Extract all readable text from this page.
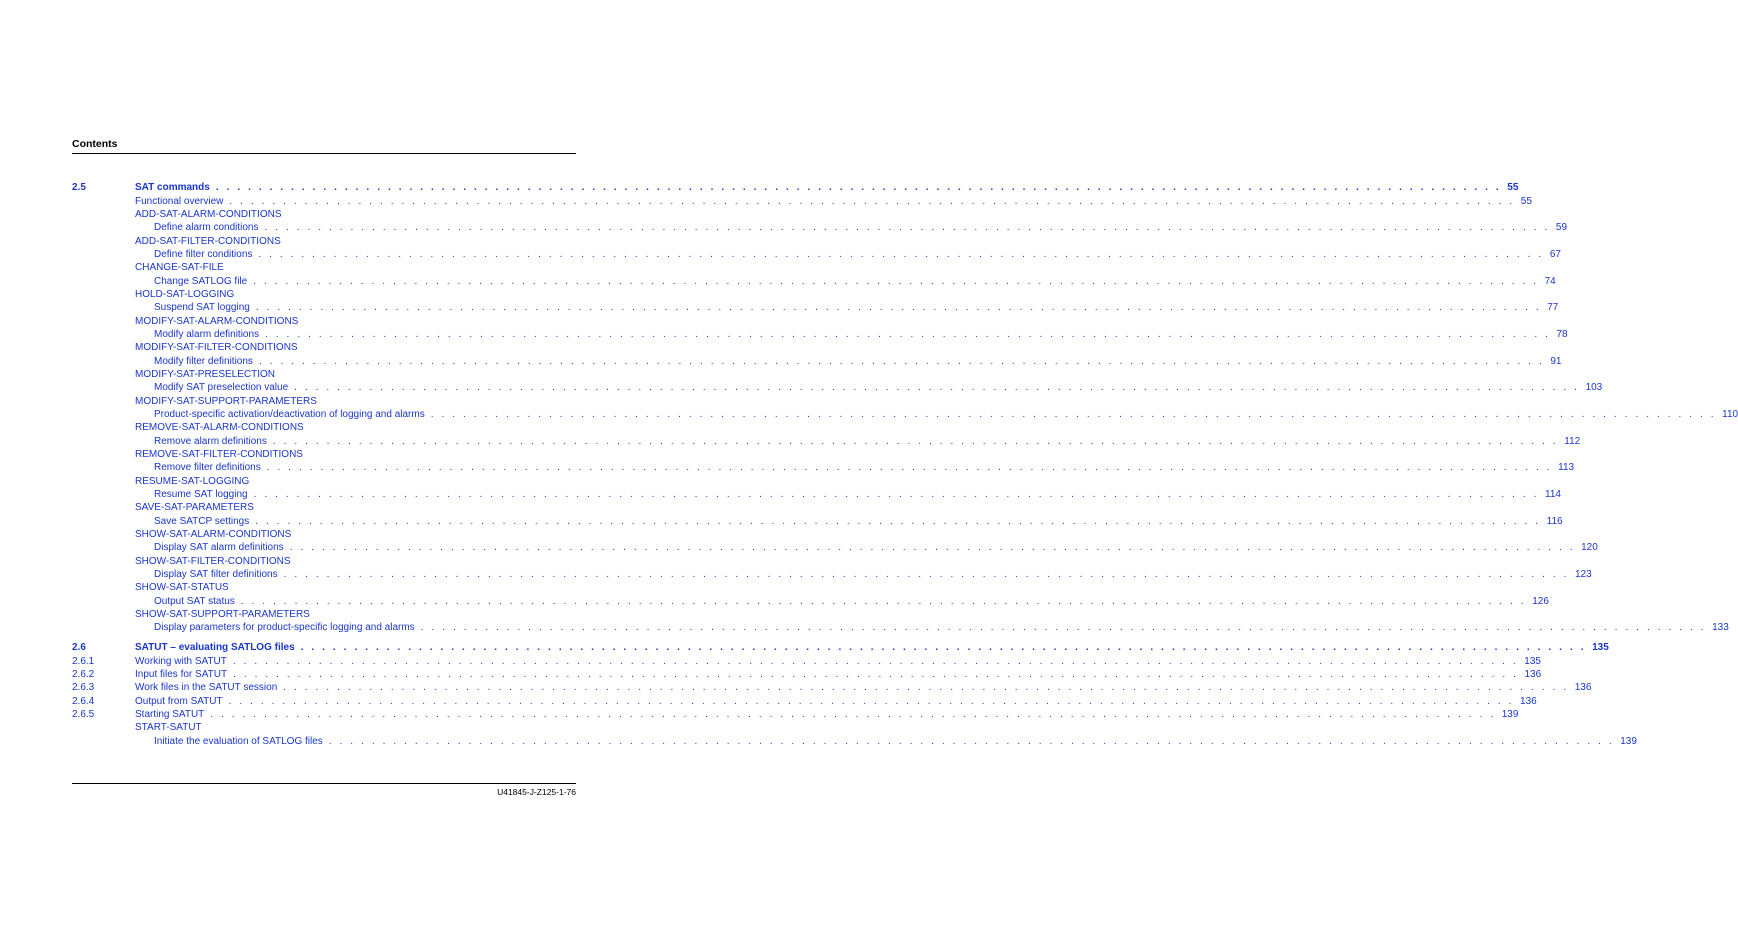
Contents
2.5	SAT commands . . . . . . . . . . . . . . . . . . . . . . . . . . . . . . . . . . . . . . . . . . . . . . . . . . . . . . . . . . . . . . . . . . . . . . . . . . . . . . . . . . . . . . . . . . . . . . . . . . . . . . . . . . . . . . . . . . . . . . . . 55
Functional overview . . . . . . . . . . . . . . . . . . . . . . . . . . . . . . . . . . . . . . . . . . . . . . . . . . . . . . . . . . . . . . . . . . . . . . . . . . . . . . . . . . . . . . . . . . . . . . . . . . . . . . . . . . . . . . . . . . . . . . . . 55
ADD-SAT-ALARM-CONDITIONS
Define alarm conditions . . . . . . . . . . . . . . . . . . . . . . . . . . . . . . . . . . . . . . . . . . . . . . . . . . . . . . . . . . . . . . . . . . . . . . . . . . . . . . . . . . . . . . . . . . . . . . . . . . . . . . . . . . . . . . . . . . . . . . . . 59
ADD-SAT-FILTER-CONDITIONS
Define filter conditions . . . . . . . . . . . . . . . . . . . . . . . . . . . . . . . . . . . . . . . . . . . . . . . . . . . . . . . . . . . . . . . . . . . . . . . . . . . . . . . . . . . . . . . . . . . . . . . . . . . . . . . . . . . . . . . . . . . . . . . . 67
CHANGE-SAT-FILE
Change SATLOG file . . . . . . . . . . . . . . . . . . . . . . . . . . . . . . . . . . . . . . . . . . . . . . . . . . . . . . . . . . . . . . . . . . . . . . . . . . . . . . . . . . . . . . . . . . . . . . . . . . . . . . . . . . . . . . . . . . . . . . . . 74
HOLD-SAT-LOGGING
Suspend SAT logging . . . . . . . . . . . . . . . . . . . . . . . . . . . . . . . . . . . . . . . . . . . . . . . . . . . . . . . . . . . . . . . . . . . . . . . . . . . . . . . . . . . . . . . . . . . . . . . . . . . . . . . . . . . . . . . . . . . . . . . . 77
MODIFY-SAT-ALARM-CONDITIONS
Modify alarm definitions . . . . . . . . . . . . . . . . . . . . . . . . . . . . . . . . . . . . . . . . . . . . . . . . . . . . . . . . . . . . . . . . . . . . . . . . . . . . . . . . . . . . . . . . . . . . . . . . . . . . . . . . . . . . . . . . . . . . . . . . 78
MODIFY-SAT-FILTER-CONDITIONS
Modify filter definitions . . . . . . . . . . . . . . . . . . . . . . . . . . . . . . . . . . . . . . . . . . . . . . . . . . . . . . . . . . . . . . . . . . . . . . . . . . . . . . . . . . . . . . . . . . . . . . . . . . . . . . . . . . . . . . . . . . . . . . . . 91
MODIFY-SAT-PRESELECTION
Modify SAT preselection value . . . . . . . . . . . . . . . . . . . . . . . . . . . . . . . . . . . . . . . . . . . . . . . . . . . . . . . . . . . . . . . . . . . . . . . . . . . . . . . . . . . . . . . . . . . . . . . . . . . . . . . . . . . . . . . . . . . . . . . . 103
MODIFY-SAT-SUPPORT-PARAMETERS
Product-specific activation/deactivation of logging and alarms . . . . . . . . . . . . . . . . . . . . . . . . . . . . . . . . . . . . . . . . . . . . . . . . . . . . . . . . . . . . . . . . . . . . . . . . . . . . . . . . . . . . . . . . . . . . . . . . . . . . . . . . . . . . . . . . . . . . . . . . 110
REMOVE-SAT-ALARM-CONDITIONS
Remove alarm definitions . . . . . . . . . . . . . . . . . . . . . . . . . . . . . . . . . . . . . . . . . . . . . . . . . . . . . . . . . . . . . . . . . . . . . . . . . . . . . . . . . . . . . . . . . . . . . . . . . . . . . . . . . . . . . . . . . . . . . . . . 112
REMOVE-SAT-FILTER-CONDITIONS
Remove filter definitions . . . . . . . . . . . . . . . . . . . . . . . . . . . . . . . . . . . . . . . . . . . . . . . . . . . . . . . . . . . . . . . . . . . . . . . . . . . . . . . . . . . . . . . . . . . . . . . . . . . . . . . . . . . . . . . . . . . . . . . . 113
RESUME-SAT-LOGGING
Resume SAT logging . . . . . . . . . . . . . . . . . . . . . . . . . . . . . . . . . . . . . . . . . . . . . . . . . . . . . . . . . . . . . . . . . . . . . . . . . . . . . . . . . . . . . . . . . . . . . . . . . . . . . . . . . . . . . . . . . . . . . . . . 114
SAVE-SAT-PARAMETERS
Save SATCP settings . . . . . . . . . . . . . . . . . . . . . . . . . . . . . . . . . . . . . . . . . . . . . . . . . . . . . . . . . . . . . . . . . . . . . . . . . . . . . . . . . . . . . . . . . . . . . . . . . . . . . . . . . . . . . . . . . . . . . . . . 116
SHOW-SAT-ALARM-CONDITIONS
Display SAT alarm definitions . . . . . . . . . . . . . . . . . . . . . . . . . . . . . . . . . . . . . . . . . . . . . . . . . . . . . . . . . . . . . . . . . . . . . . . . . . . . . . . . . . . . . . . . . . . . . . . . . . . . . . . . . . . . . . . . . . . . . . . . 120
SHOW-SAT-FILTER-CONDITIONS
Display SAT filter definitions . . . . . . . . . . . . . . . . . . . . . . . . . . . . . . . . . . . . . . . . . . . . . . . . . . . . . . . . . . . . . . . . . . . . . . . . . . . . . . . . . . . . . . . . . . . . . . . . . . . . . . . . . . . . . . . . . . . . . . . . 123
SHOW-SAT-STATUS
Output SAT status . . . . . . . . . . . . . . . . . . . . . . . . . . . . . . . . . . . . . . . . . . . . . . . . . . . . . . . . . . . . . . . . . . . . . . . . . . . . . . . . . . . . . . . . . . . . . . . . . . . . . . . . . . . . . . . . . . . . . . . . 126
SHOW-SAT-SUPPORT-PARAMETERS
Display parameters for product-specific logging and alarms . . . . . . . . . . . . . . . . . . . . . . . . . . . . . . . . . . . . . . . . . . . . . . . . . . . . . . . . . . . . . . . . . . . . . . . . . . . . . . . . . . . . . . . . . . . . . . . . . . . . . . . . . . . . . . . . . . . . . . . . 133
2.6	SATUT – evaluating SATLOG files . . . . . . . . . . . . . . . . . . . . . . . . . . . . . . . . . . . . . . . . . . . . . . . . . . . . . . . . . . . . . . . . . . . . . . . . . . . . . . . . . . . . . . . . . . . . . . . . . . . . . . . . . . . . . . . . . . . . . . . . 135
2.6.1	Working with SATUT . . . . . . . . . . . . . . . . . . . . . . . . . . . . . . . . . . . . . . . . . . . . . . . . . . . . . . . . . . . . . . . . . . . . . . . . . . . . . . . . . . . . . . . . . . . . . . . . . . . . . . . . . . . . . . . . . . . . . . . . 135
2.6.2	Input files for SATUT . . . . . . . . . . . . . . . . . . . . . . . . . . . . . . . . . . . . . . . . . . . . . . . . . . . . . . . . . . . . . . . . . . . . . . . . . . . . . . . . . . . . . . . . . . . . . . . . . . . . . . . . . . . . . . . . . . . . . . . . 136
2.6.3	Work files in the SATUT session . . . . . . . . . . . . . . . . . . . . . . . . . . . . . . . . . . . . . . . . . . . . . . . . . . . . . . . . . . . . . . . . . . . . . . . . . . . . . . . . . . . . . . . . . . . . . . . . . . . . . . . . . . . . . . . . . . . . . . . . 136
2.6.4	Output from SATUT . . . . . . . . . . . . . . . . . . . . . . . . . . . . . . . . . . . . . . . . . . . . . . . . . . . . . . . . . . . . . . . . . . . . . . . . . . . . . . . . . . . . . . . . . . . . . . . . . . . . . . . . . . . . . . . . . . . . . . . . 136
2.6.5	Starting SATUT . . . . . . . . . . . . . . . . . . . . . . . . . . . . . . . . . . . . . . . . . . . . . . . . . . . . . . . . . . . . . . . . . . . . . . . . . . . . . . . . . . . . . . . . . . . . . . . . . . . . . . . . . . . . . . . . . . . . . . . . 139
START-SATUT
Initiate the evaluation of SATLOG files . . . . . . . . . . . . . . . . . . . . . . . . . . . . . . . . . . . . . . . . . . . . . . . . . . . . . . . . . . . . . . . . . . . . . . . . . . . . . . . . . . . . . . . . . . . . . . . . . . . . . . . . . . . . . . . . . . . . . . . . 139
U41845-J-Z125-1-76
